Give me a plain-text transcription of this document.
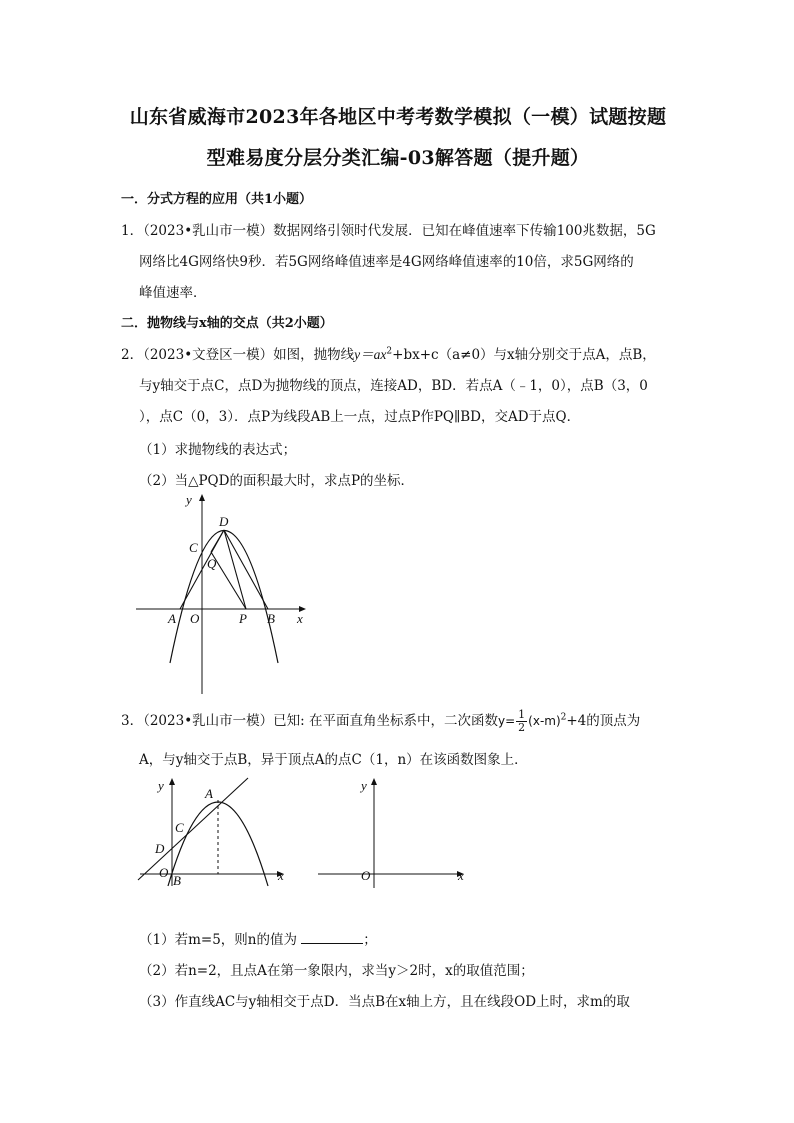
山东省威海市2023年各地区中考考数学模拟（一模）试题按题
型难易度分层分类汇编-03解答题（提升题）
一．分式方程的应用（共1小题）
1．（2023•乳山市一模）数据网络引领时代发展．已知在峰值速率下传输100兆数据，5G
网络比4G网络快9秒．若5G网络峰值速率是4G网络峰值速率的10倍，求5G网络的
峰值速率．
二．抛物线与x轴的交点（共2小题）
2．（2023•文登区一模）如图，抛物线$y=ax^2+bx+c(a\ne 0)$与x轴分别交于点A，点B，
与y轴交于点C，点D为抛物线的顶点，连接AD，BD．若点A（﹣1，0），点B（3，0
），点C（0，3）．点P为线段AB上一点，过点P作PQ∥BD，交AD于点Q．
（1）求抛物线的表达式；
（2）当△PQD的面积最大时，求点P的坐标．
D
C
Q
A O	P B x
y
3．（2023•乳山市一模）已知: 在平面直角坐标系中，二次函数$y= \frac{1}{2} (x-m)^2+4$的顶点为
A，与y轴交于点B，异于顶点A的点C（1，n）在该函数图象上．
y
A
C
D
O
B	x
y
O	x
（1）若m=5，则n的值为	；
（2）若n=2，且点A在第一象限内，求当y＞2时，x的取值范围；
（3）作直线AC与y轴相交于点D．当点B在x轴上方，且在线段OD上时，求m的取
